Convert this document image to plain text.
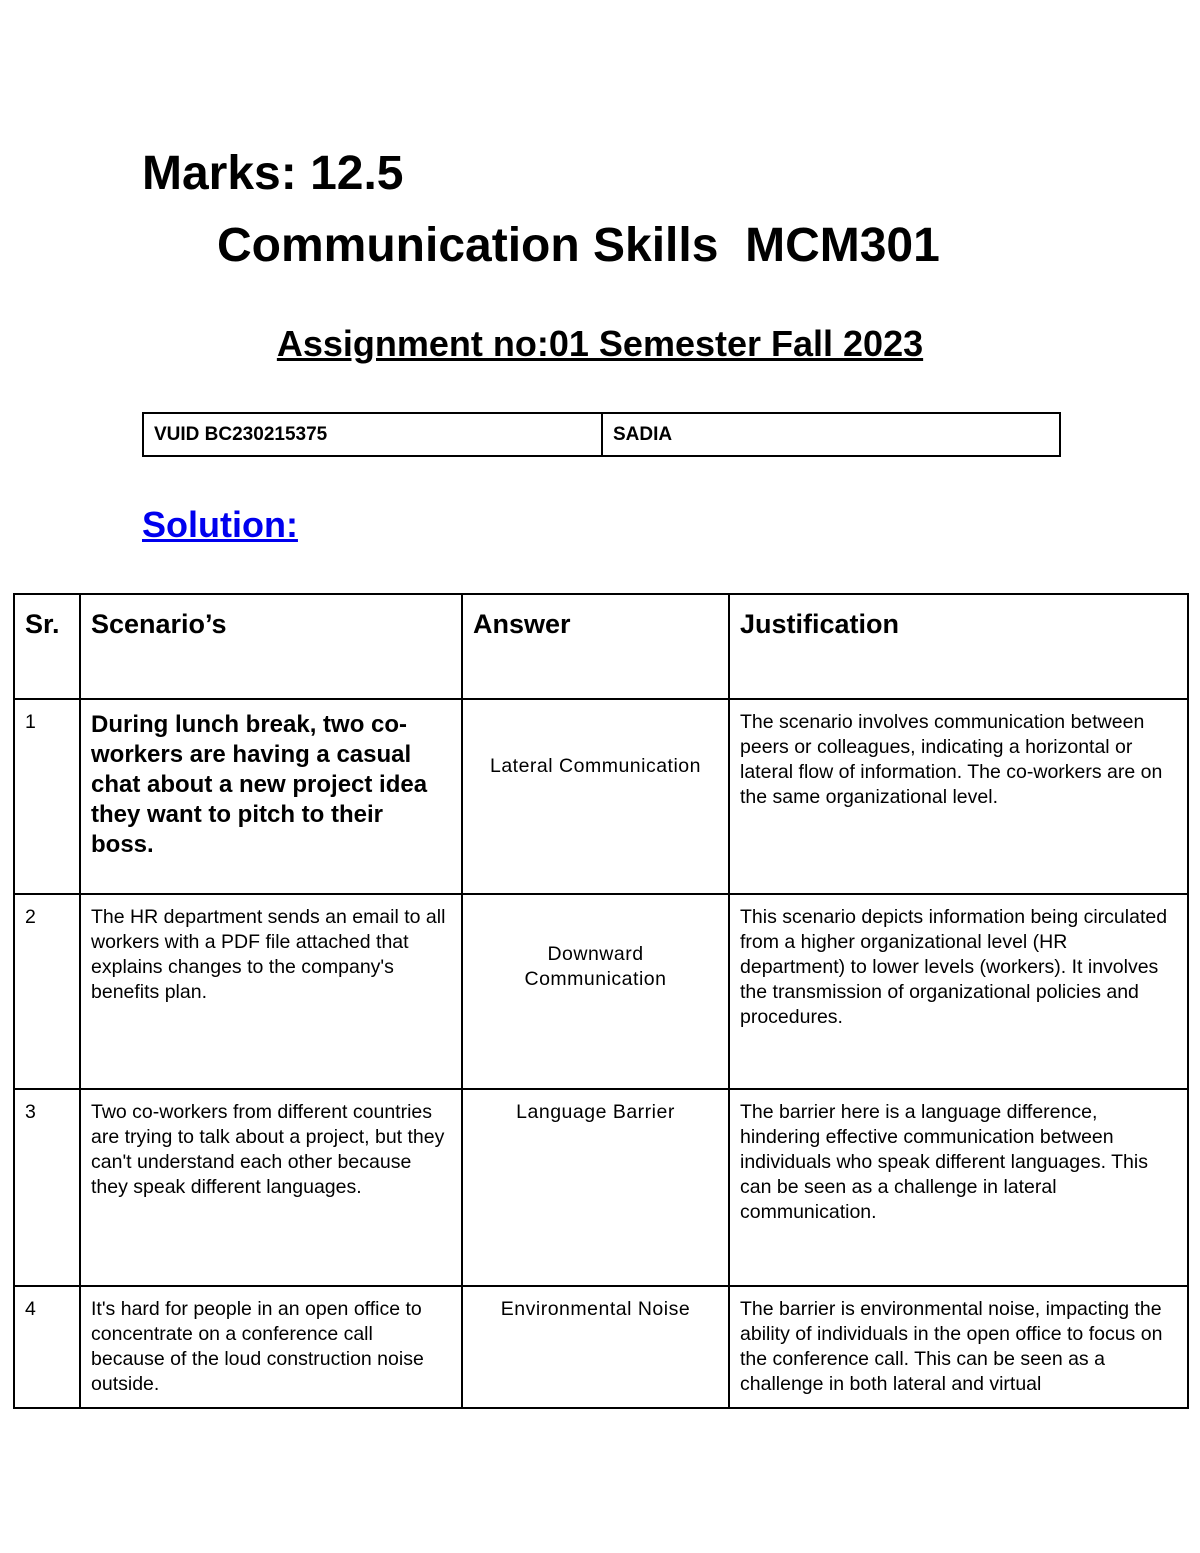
Marks: 12.5
Communication Skills  MCM301
Assignment no:01 Semester Fall 2023
VUID BC230215375	SADIA
Solution:
Sr.	Scenario’s	Answer	Justification
1	During lunch break, two co-workers are having a casual chat about a new project idea they want to pitch to their boss.	Lateral Communication	The scenario involves communication between peers or colleagues, indicating a horizontal or lateral flow of information. The co-workers are on the same organizational level.
2	The HR department sends an email to all workers with a PDF file attached that explains changes to the company's benefits plan.	Downward Communication	This scenario depicts information being circulated from a higher organizational level (HR department) to lower levels (workers). It involves the transmission of organizational policies and procedures.
3	Two co-workers from different countries are trying to talk about a project, but they can't understand each other because they speak different languages.	Language Barrier	The barrier here is a language difference, hindering effective communication between individuals who speak different languages. This can be seen as a challenge in lateral communication.
4	It's hard for people in an open office to concentrate on a conference call because of the loud construction noise outside.	Environmental Noise	The barrier is environmental noise, impacting the ability of individuals in the open office to focus on the conference call. This can be seen as a challenge in both lateral and virtual
